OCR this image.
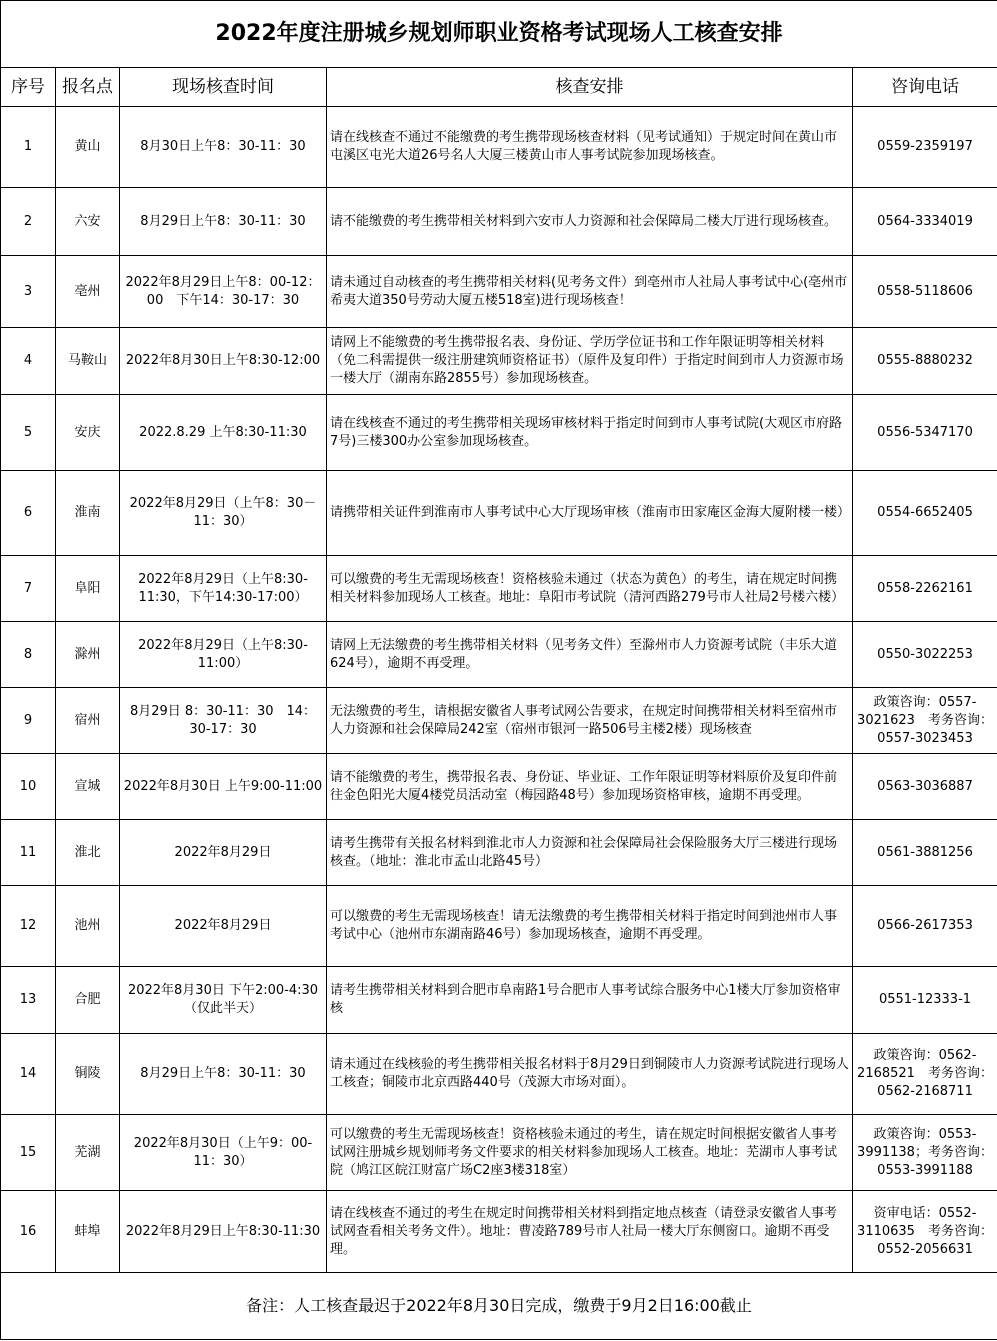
2022年度注册城乡规划师职业资格考试现场人工核查安排				
序号	报名点	现场核查时间	核查安排	咨询电话
1	黄山	8月30日上午8：30-11：30	请在线核查不通过不能缴费的考生携带现场核查材料（见考试通知）于规定时间在黄山市屯溪区屯光大道26号名人大厦三楼黄山市人事考试院参加现场核查。	0559-2359197
2	六安	8月29日上午8：30-11：30	请不能缴费的考生携带相关材料到六安市人力资源和社会保障局二楼大厅进行现场核查。	0564-3334019
3	亳州	2022年8月29日上午8：00-12：00　下午14：30-17：30	请未通过自动核查的考生携带相关材料(见考务文件）到亳州市人社局人事考试中心(亳州市希夷大道350号劳动大厦五楼518室)进行现场核查！	0558-5118606
4	马鞍山	2022年8月30日上午8:30-12:00	请网上不能缴费的考生携带报名表、身份证、学历学位证书和工作年限证明等相关材料（免二科需提供一级注册建筑师资格证书）（原件及复印件）于指定时间到市人力资源市场一楼大厅（湖南东路2855号）参加现场核查。	0555-8880232
5	安庆	2022.8.29 上午8:30-11:30	请在线核查不通过的考生携带相关现场审核材料于指定时间到市人事考试院(大观区市府路7号)三楼300办公室参加现场核查。	0556-5347170
6	淮南	2022年8月29日（上午8：30－11：30）	请携带相关证件到淮南市人事考试中心大厅现场审核（淮南市田家庵区金海大厦附楼一楼）	0554-6652405
7	阜阳	2022年8月29日（上午8:30-11:30，下午14:30-17:00）	可以缴费的考生无需现场核查！资格核验未通过（状态为黄色）的考生，请在规定时间携相关材料参加现场人工核查。地址：阜阳市考试院（清河西路279号市人社局2号楼六楼）	0558-2262161
8	滁州	2022年8月29日（上午8:30-11:00）	请网上无法缴费的考生携带相关材料（见考务文件）至滁州市人力资源考试院（丰乐大道624号），逾期不再受理。	0550-3022253
9	宿州	8月29日 8：30-11：30　14：30-17：30	无法缴费的考生，请根据安徽省人事考试网公告要求，在规定时间携带相关材料至宿州市人力资源和社会保障局242室（宿州市银河一路506号主楼2楼）现场核查	政策咨询：0557-3021623　考务咨询：0557-3023453
10	宣城	2022年8月30日 上午9:00-11:00	请不能缴费的考生，携带报名表、身份证、毕业证、工作年限证明等材料原价及复印件前往金色阳光大厦4楼党员活动室（梅园路48号）参加现场资格审核，逾期不再受理。	0563-3036887
11	淮北	2022年8月29日	请考生携带有关报名材料到淮北市人力资源和社会保障局社会保险服务大厅三楼进行现场核查。（地址：淮北市孟山北路45号）	0561-3881256
12	池州	2022年8月29日	可以缴费的考生无需现场核查！请无法缴费的考生携带相关材料于指定时间到池州市人事考试中心（池州市东湖南路46号）参加现场核查，逾期不再受理。	0566-2617353
13	合肥	2022年8月30日 下午2:00-4:30（仅此半天）	请考生携带相关材料到合肥市阜南路1号合肥市人事考试综合服务中心1楼大厅参加资格审核	0551-12333-1
14	铜陵	8月29日上午8：30-11：30	请未通过在线核验的考生携带相关报名材料于8月29日到铜陵市人力资源考试院进行现场人工核查；铜陵市北京西路440号（茂源大市场对面）。	政策咨询：0562-2168521　考务咨询：0562-2168711
15	芜湖	2022年8月30日（上午9：00-11：30）	可以缴费的考生无需现场核查！资格核验未通过的考生，请在规定时间根据安徽省人事考试网注册城乡规划师考务文件要求的相关材料参加现场人工核查。地址：芜湖市人事考试院（鸠江区皖江财富广场C2座3楼318室）	政策咨询：0553-3991138；考务咨询：0553-3991188
16	蚌埠	2022年8月29日上午8:30-11:30	请在线核查不通过的考生在规定时间携带相关材料到指定地点核查（请登录安徽省人事考试网查看相关考务文件）。地址：曹凌路789号市人社局一楼大厅东侧窗口。逾期不再受理。	资审电话：0552-3110635　考务咨询：0552-2056631
备注：人工核查最迟于2022年8月30日完成，缴费于9月2日16:00截止				
